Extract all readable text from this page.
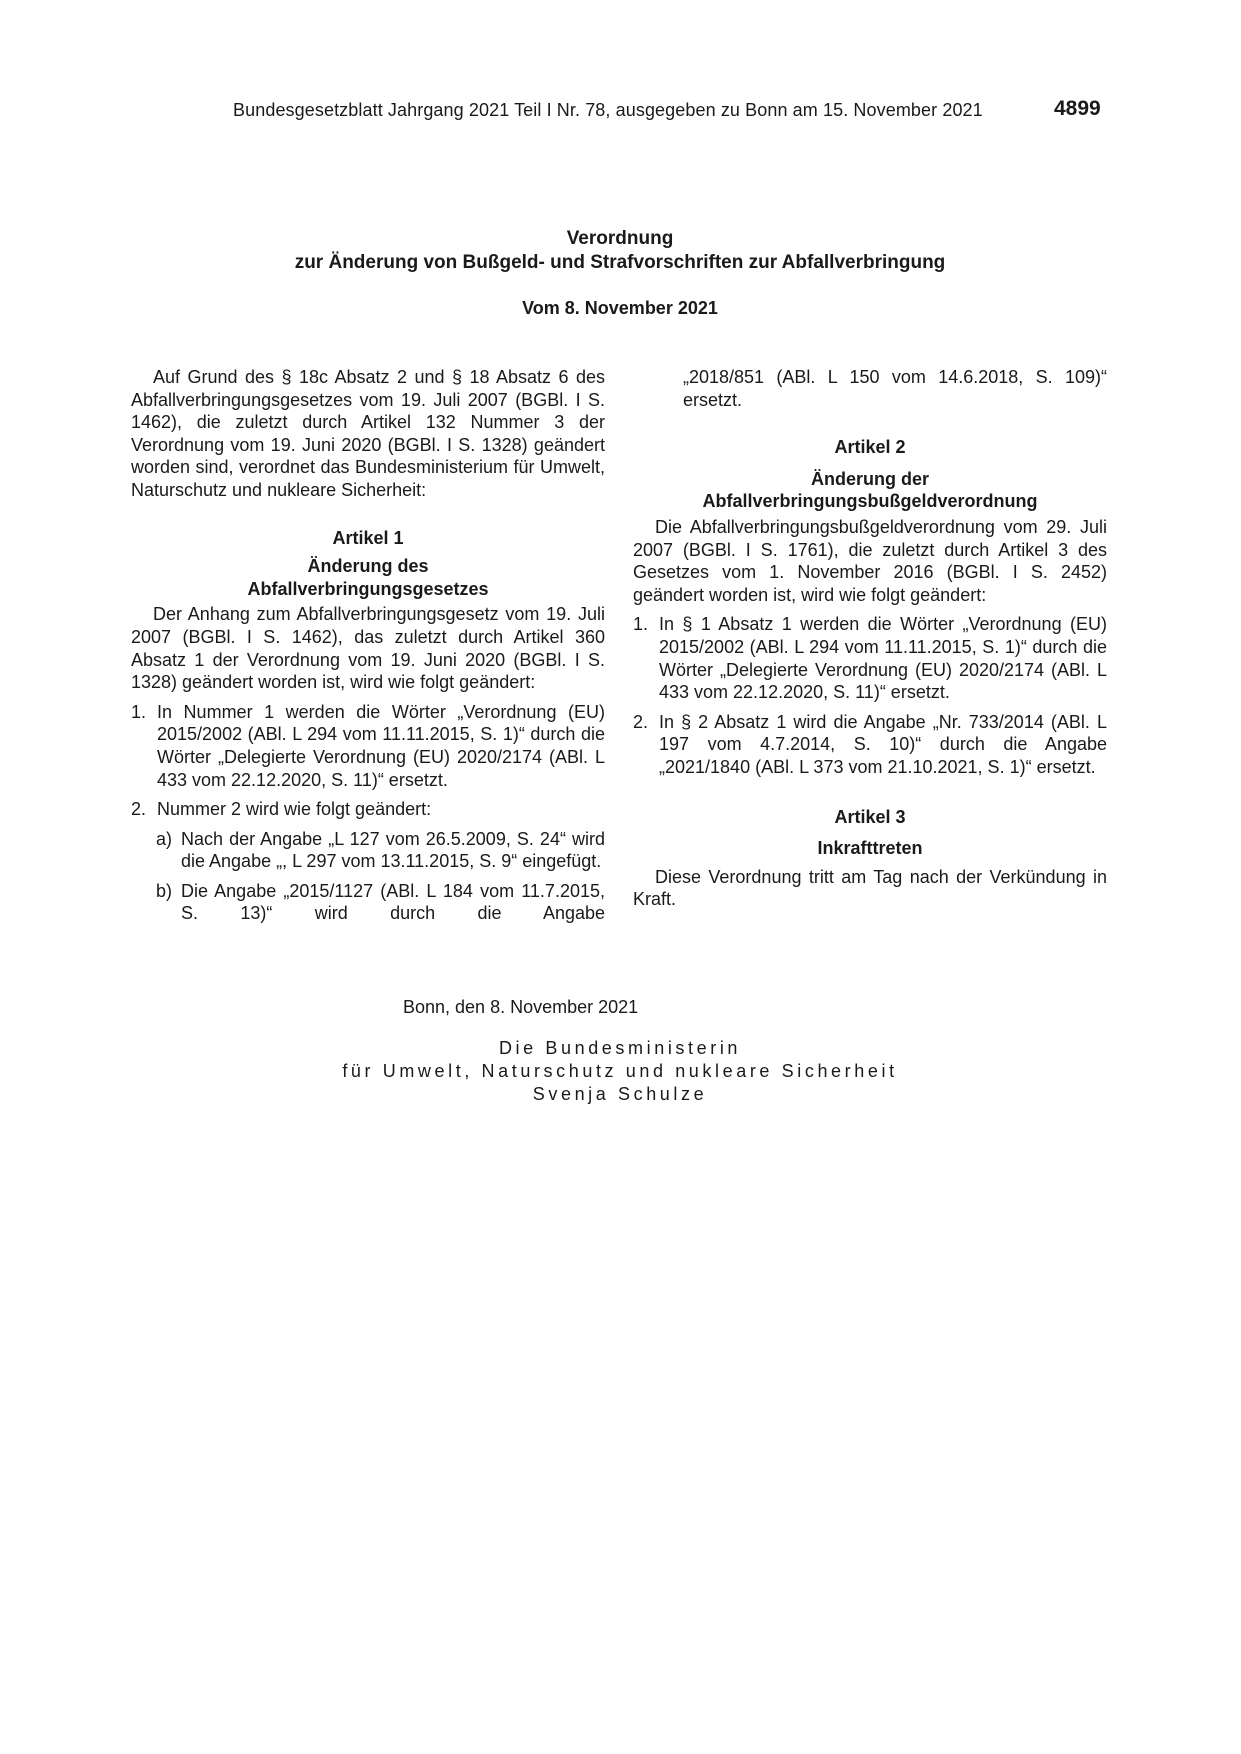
Bundesgesetzblatt Jahrgang 2021 Teil I Nr. 78, ausgegeben zu Bonn am 15. November 2021	4899
Verordnung
zur Änderung von Bußgeld- und Strafvorschriften zur Abfallverbringung
Vom 8. November 2021

Auf Grund des § 18c Absatz 2 und § 18 Absatz 6 des Abfallverbringungsgesetzes vom 19. Juli 2007 (BGBl. I S. 1462), die zuletzt durch Artikel 132 Nummer 3 der Verordnung vom 19. Juni 2020 (BGBl. I S. 1328) geändert worden sind, verordnet das Bundesministerium für Umwelt, Naturschutz und nukleare Sicherheit:

Artikel 1

Änderung des

Abfallverbringungsgesetzes

Der Anhang zum Abfallverbringungsgesetz vom 19. Juli 2007 (BGBl. I S. 1462), das zuletzt durch Artikel 360 Absatz 1 der Verordnung vom 19. Juni 2020 (BGBl. I S. 1328) geändert worden ist, wird wie folgt geändert:

1. In Nummer 1 werden die Wörter „Verordnung (EU) 2015/2002 (ABl. L 294 vom 11.11.2015, S. 1)“ durch die Wörter „Delegierte Verordnung (EU) 2020/2174 (ABl. L 433 vom 22.12.2020, S. 11)“ ersetzt.
2. Nummer 2 wird wie folgt geändert:
a) Nach der Angabe „L 127 vom 26.5.2009, S. 24“ wird die Angabe „, L 297 vom 13.11.2015, S. 9“ eingefügt.
b) Die Angabe „2015/1127 (ABl. L 184 vom 11.7.2015, S. 13)“ wird durch die Angabe

„2018/851 (ABl. L 150 vom 14.6.2018, S. 109)“ ersetzt.

Artikel 2

Änderung der

Abfallverbringungsbußgeldverordnung

Die Abfallverbringungsbußgeldverordnung vom 29. Juli 2007 (BGBl. I S. 1761), die zuletzt durch Artikel 3 des Gesetzes vom 1. November 2016 (BGBl. I S. 2452) geändert worden ist, wird wie folgt geändert:

1. In § 1 Absatz 1 werden die Wörter „Verordnung (EU) 2015/2002 (ABl. L 294 vom 11.11.2015, S. 1)“ durch die Wörter „Delegierte Verordnung (EU) 2020/2174 (ABl. L 433 vom 22.12.2020, S. 11)“ ersetzt.
2. In § 2 Absatz 1 wird die Angabe „Nr. 733/2014 (ABl. L 197 vom 4.7.2014, S. 10)“ durch die Angabe „2021/1840 (ABl. L 373 vom 21.10.2021, S. 1)“ ersetzt.

Artikel 3

Inkrafttreten

Diese Verordnung tritt am Tag nach der Verkündung in Kraft.

Bonn, den 8. November 2021
Die Bundesministerin
für Umwelt, Naturschutz und nukleare Sicherheit
Svenja Schulze
